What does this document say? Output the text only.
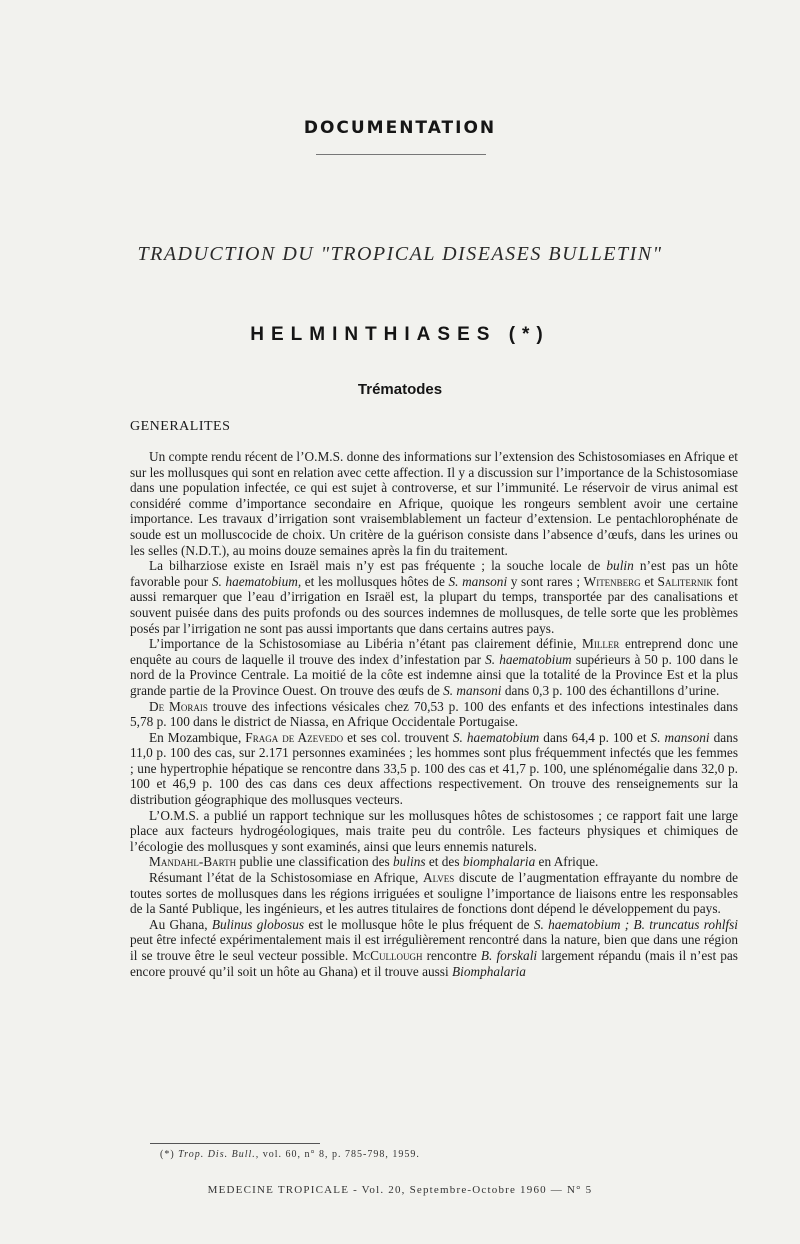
DOCUMENTATION
TRADUCTION DU "TROPICAL DISEASES BULLETIN"
HELMINTHIASES (*)
Trématodes
GENERALITES

Un compte rendu récent de l’O.M.S. donne des informations sur l’extension des Schistosomiases en Afrique et sur les mollusques qui sont en relation avec cette affection. Il y a discussion sur l’importance de la Schistosomiase dans une population infectée, ce qui est sujet à controverse, et sur l’immunité. Le réservoir de virus animal est considéré comme d’importance secondaire en Afrique, quoique les rongeurs semblent avoir une certaine importance. Les travaux d’irrigation sont vraisemblablement un facteur d’extension. Le pentachlorophénate de soude est un molluscocide de choix. Un critère de la guérison consiste dans l’absence d’œufs, dans les urines ou les selles (N.D.T.), au moins douze semaines après la fin du traitement.

La bilharziose existe en Israël mais n’y est pas fréquente ; la souche locale de bulin n’est pas un hôte favorable pour S. haematobium, et les mollusques hôtes de S. mansoni y sont rares ; Witenberg et Saliternik font aussi remarquer que l’eau d’irrigation en Israël est, la plupart du temps, transportée par des canalisations et souvent puisée dans des puits profonds ou des sources indemnes de mollusques, de telle sorte que les problèmes posés par l’irrigation ne sont pas aussi importants que dans certains autres pays.

L’importance de la Schistosomiase au Libéria n’étant pas clairement définie, Miller entreprend donc une enquête au cours de laquelle il trouve des index d’infestation par S. haematobium supérieurs à 50 p. 100 dans le nord de la Province Centrale. La moitié de la côte est indemne ainsi que la totalité de la Province Est et la plus grande partie de la Province Ouest. On trouve des œufs de S. mansoni dans 0,3 p. 100 des échantillons d’urine.

De Morais trouve des infections vésicales chez 70,53 p. 100 des enfants et des infections intestinales dans 5,78 p. 100 dans le district de Niassa, en Afrique Occidentale Portugaise.

En Mozambique, Fraga de Azevedo et ses col. trouvent S. haematobium dans 64,4 p. 100 et S. mansoni dans 11,0 p. 100 des cas, sur 2.171 personnes examinées ; les hommes sont plus fréquemment infectés que les femmes ; une hypertrophie hépatique se rencontre dans 33,5 p. 100 des cas et 41,7 p. 100, une splénomégalie dans 32,0 p. 100 et 46,9 p. 100 des cas dans ces deux affections respectivement. On trouve des renseignements sur la distribution géographique des mollusques vecteurs.

L’O.M.S. a publié un rapport technique sur les mollusques hôtes de schistosomes ; ce rapport fait une large place aux facteurs hydrogéologiques, mais traite peu du contrôle. Les facteurs physiques et chimiques de l’écologie des mollusques y sont examinés, ainsi que leurs ennemis naturels.

Mandahl-Barth publie une classification des bulins et des biomphalaria en Afrique.

Résumant l’état de la Schistosomiase en Afrique, Alves discute de l’augmentation effrayante du nombre de toutes sortes de mollusques dans les régions irriguées et souligne l’importance de liaisons entre les responsables de la Santé Publique, les ingénieurs, et les autres titulaires de fonctions dont dépend le développement du pays.

Au Ghana, Bulinus globosus est le mollusque hôte le plus fréquent de S. haematobium ; B. truncatus rohlfsi peut être infecté expérimentalement mais il est irrégulièrement rencontré dans la nature, bien que dans une région il se trouve être le seul vecteur possible. McCullough rencontre B. forskali largement répandu (mais il n’est pas encore prouvé qu’il soit un hôte au Ghana) et il trouve aussi Biomphalaria

(*) Trop. Dis. Bull., vol. 60, n° 8, p. 785-798, 1959.
MEDECINE TROPICALE - Vol. 20, Septembre-Octobre 1960 — N° 5
